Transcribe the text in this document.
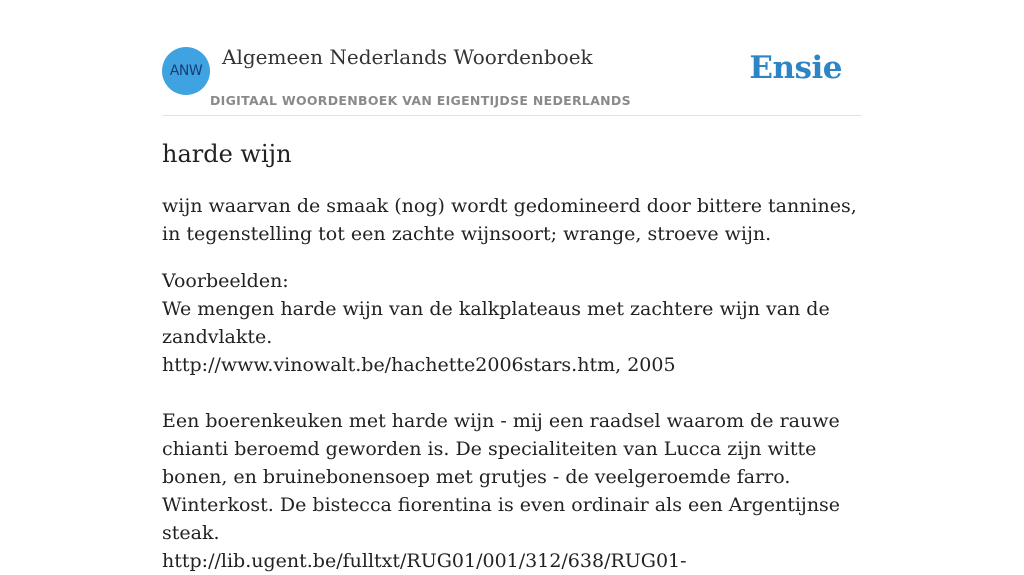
ANW
Algemeen Nederlands Woordenboek
DIGITAAL WOORDENBOEK VAN EIGENTIJDSE NEDERLANDS
Ensie
harde wijn

wijn waarvan de smaak (nog) wordt gedomineerd door bittere tannines, in tegenstelling tot een zachte wijnsoort; wrange, stroeve wijn.

Voorbeelden:
We mengen harde wijn van de kalkplateaus met zachtere wijn van de zandvlakte.
http://www.vinowalt.be/hachette2006stars.htm, 2005
Een boerenkeuken met harde wijn - mij een raadsel waarom de rauwe chianti beroemd geworden is. De specialiteiten van Lucca zijn witte bonen, en bruinebonensoep met grutjes - de veelgeroemde farro. Winterkost. De bistecca fiorentina is even ordinair als een Argentijnse steak.
http://lib.ugent.be/fulltxt/RUG01/001/312/638/RUG01-
